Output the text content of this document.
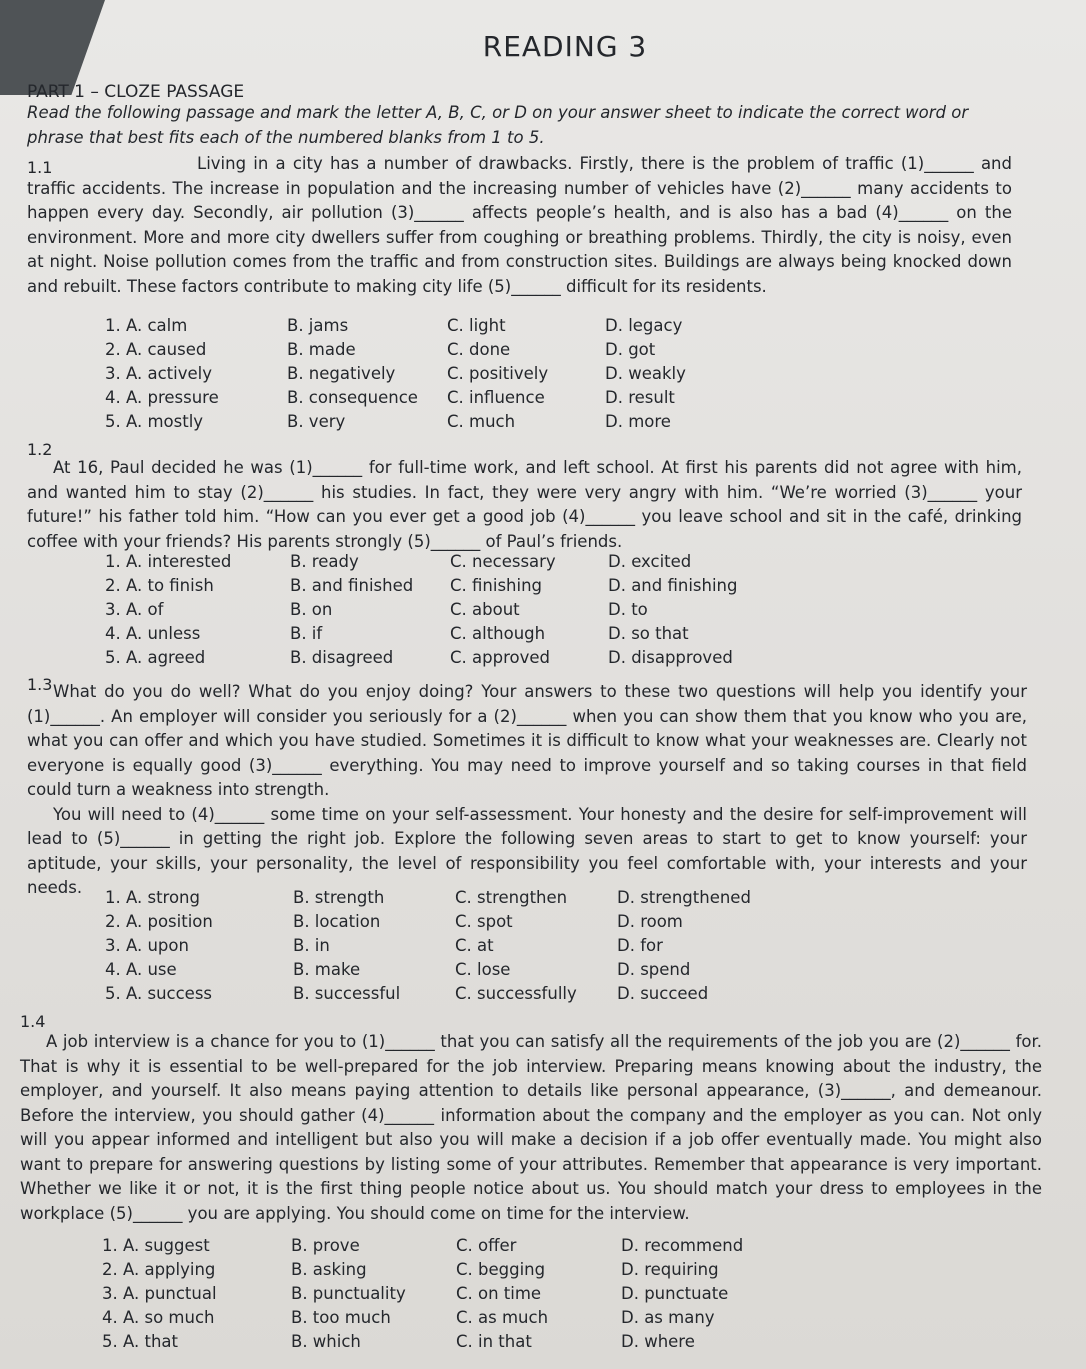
READING 3
PART 1 – CLOZE PASSAGE
Read the following passage and mark the letter A, B, C, or D on your answer sheet to indicate the correct word or phrase that best fits each of the numbered blanks from 1 to 5.
1.1	Living in a city has a number of drawbacks. Firstly, there is the problem of traffic (1)______ and traffic accidents. The increase in population and the increasing number of vehicles have (2)______ many accidents to happen every day. Secondly, air pollution (3)______ affects people’s health, and is also has a bad (4)______ on the environment. More and more city dwellers suffer from coughing or breathing problems. Thirdly, the city is noisy, even at night. Noise pollution comes from the traffic and from construction sites. Buildings are always being knocked down and rebuilt. These factors contribute to making city life (5)______ difficult for its residents.

1. A. calm	B. jams	C. light	D. legacy
2. A. caused	B. made	C. done	D. got
3. A. actively	B. negatively	C. positively	D. weakly
4. A. pressure	B. consequence	C. influence	D. result
5. A. mostly	B. very	C. much	D. more
1.2

At 16, Paul decided he was (1)______ for full-time work, and left school. At first his parents did not agree with him, and wanted him to stay (2)______ his studies. In fact, they were very angry with him. “We’re worried (3)______ your future!” his father told him. “How can you ever get a good job (4)______ you leave school and sit in the café, drinking coffee with your friends? His parents strongly (5)______ of Paul’s friends.

1. A. interested	B. ready	C. necessary	D. excited
2. A. to finish	B. and finished	C. finishing	D. and finishing
3. A. of	B. on	C. about	D. to
4. A. unless	B. if	C. although	D. so that
5. A. agreed	B. disagreed	C. approved	D. disapproved
1.3 What do you do well? What do you enjoy doing? Your answers to these two questions will help you identify your (1)______. An employer will consider you seriously for a (2)______ when you can show them that you know who you are, what you can offer and which you have studied. Sometimes it is difficult to know what your weaknesses are. Clearly not everyone is equally good (3)______ everything. You may need to improve yourself and so taking courses in that field could turn a weakness into strength.

You will need to (4)______ some time on your self-assessment. Your honesty and the desire for self-improvement will lead to (5)______ in getting the right job. Explore the following seven areas to start to get to know yourself: your aptitude, your skills, your personality, the level of responsibility you feel comfortable with, your interests and your needs.

1. A. strong	B. strength	C. strengthen	D. strengthened
2. A. position	B. location	C. spot	D. room
3. A. upon	B. in	C. at	D. for
4. A. use	B. make	C. lose	D. spend
5. A. success	B. successful	C. successfully	D. succeed
1.4

A job interview is a chance for you to (1)______ that you can satisfy all the requirements of the job you are (2)______ for. That is why it is essential to be well-prepared for the job interview. Preparing means knowing about the industry, the employer, and yourself. It also means paying attention to details like personal appearance, (3)______, and demeanour. Before the interview, you should gather (4)______ information about the company and the employer as you can. Not only will you appear informed and intelligent but also you will make a decision if a job offer eventually made. You might also want to prepare for answering questions by listing some of your attributes. Remember that appearance is very important. Whether we like it or not, it is the first thing people notice about us. You should match your dress to employees in the workplace (5)______ you are applying. You should come on time for the interview.

1. A. suggest	B. prove	C. offer	D. recommend
2. A. applying	B. asking	C. begging	D. requiring
3. A. punctual	B. punctuality	C. on time	D. punctuate
4. A. so much	B. too much	C. as much	D. as many
5. A. that	B. which	C. in that	D. where
